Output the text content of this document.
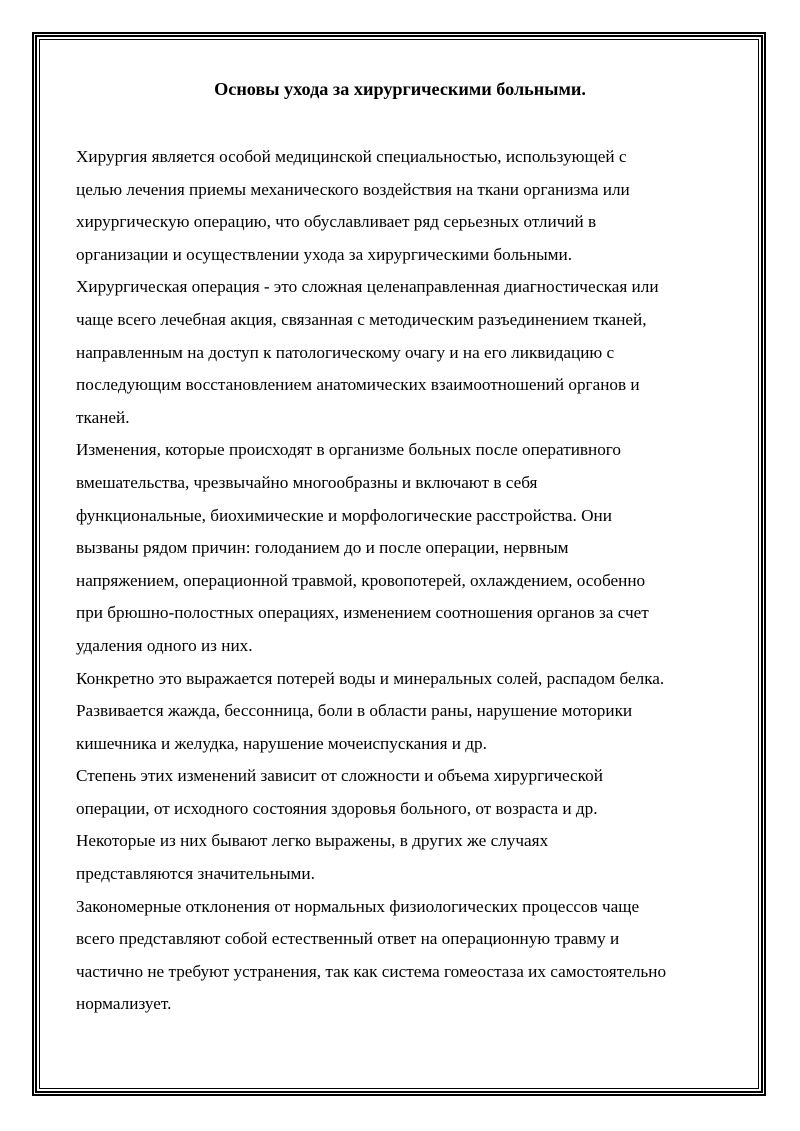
Основы ухода за хирургическими больными.
Хирургия является особой медицинской специальностью, использующей с
целью лечения приемы механического воздействия на ткани организма или
хирургическую операцию, что обуславливает ряд серьезных отличий в
организации и осуществлении ухода за хирургическими больными.
Хирургическая операция - это сложная целенаправленная диагностическая или
чаще всего лечебная акция, связанная с методическим разъединением тканей,
направленным на доступ к патологическому очагу и на его ликвидацию с
последующим восстановлением анатомических взаимоотношений органов и
тканей.
Изменения, которые происходят в организме больных после оперативного
вмешательства, чрезвычайно многообразны и включают в себя
функциональные, биохимические и морфологические расстройства. Они
вызваны рядом причин: голоданием до и после операции, нервным
напряжением, операционной травмой, кровопотерей, охлаждением, особенно
при брюшно-полостных операциях, изменением соотношения органов за счет
удаления одного из них.
Конкретно это выражается потерей воды и минеральных солей, распадом белка.
Развивается жажда, бессонница, боли в области раны, нарушение моторики
кишечника и желудка, нарушение мочеиспускания и др.
Степень этих изменений зависит от сложности и объема хирургической
операции, от исходного состояния здоровья больного, от возраста и др.
Некоторые из них бывают легко выражены, в других же случаях
представляются значительными.
Закономерные отклонения от нормальных физиологических процессов чаще
всего представляют собой естественный ответ на операционную травму и
частично не требуют устранения, так как система гомеостаза их самостоятельно
нормализует.
